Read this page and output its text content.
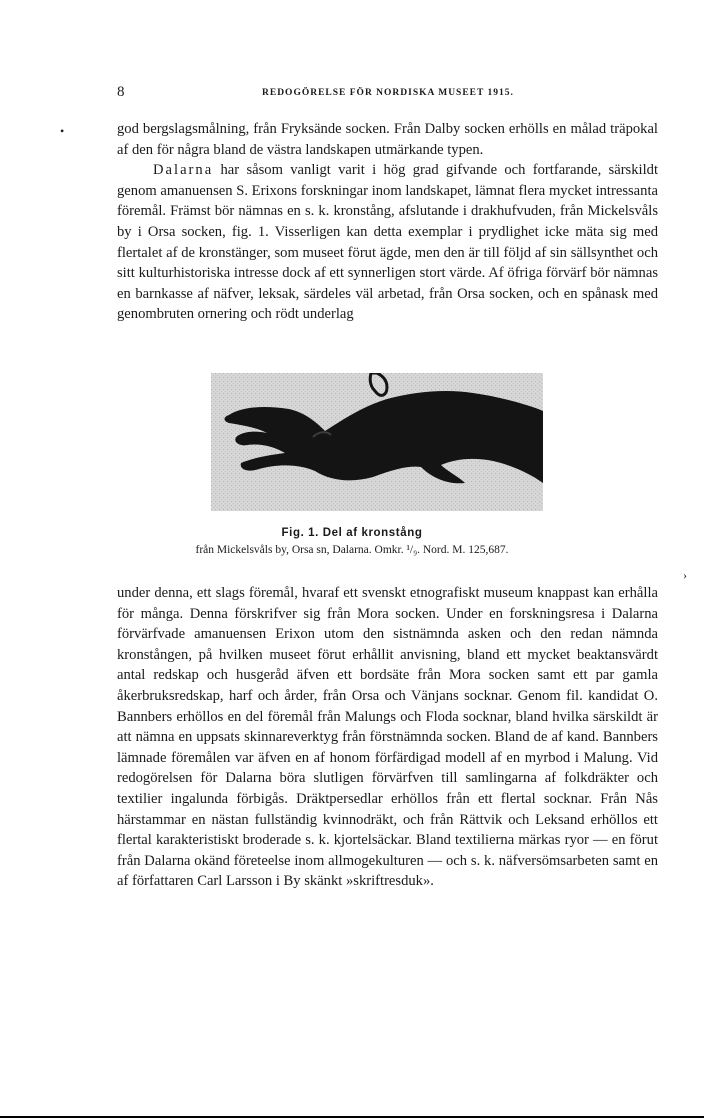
8	REDOGÖRELSE FÖR NORDISKA MUSEET 1915.
•
›

god bergslagsmålning, från Fryksände socken. Från Dalby socken erhölls en målad träpokal af den för några bland de västra landskapen utmärkande typen.

Dalarna har såsom vanligt varit i hög grad gifvande och fortfarande, särskildt genom amanuensen S. Erixons forskningar inom landskapet, lämnat flera mycket intressanta föremål. Främst bör nämnas en s. k. kronstång, afslutande i drakhufvuden, från Mickelsvåls by i Orsa socken, fig. 1. Visserligen kan detta exemplar i prydlighet icke mäta sig med flertalet af de kronstänger, som museet förut ägde, men den är till följd af sin sällsynthet och sitt kulturhistoriska intresse dock af ett synnerligen stort värde. Af öfriga förvärf bör nämnas en barnkasse af näfver, leksak, särdeles väl arbetad, från Orsa socken, och en spånask med genombruten ornering och rödt underlag

Fig. 1. Del af kronstång
från Mickelsvåls by, Orsa sn, Dalarna. Omkr. ¹/₉. Nord. M. 125,687.

under denna, ett slags föremål, hvaraf ett svenskt etnografiskt museum knappast kan erhålla för många. Denna förskrifver sig från Mora socken. Under en forskningsresa i Dalarna förvärfvade amanuensen Erixon utom den sistnämnda asken och den redan nämnda kronstången, på hvilken museet förut erhållit anvisning, bland ett mycket beaktansvärdt antal redskap och husgeråd äfven ett bordsäte från Mora socken samt ett par gamla åkerbruksredskap, harf och årder, från Orsa och Vänjans socknar. Genom fil. kandidat O. Bannbers erhöllos en del föremål från Malungs och Floda socknar, bland hvilka särskildt är att nämna en uppsats skinnareverktyg från förstnämnda socken. Bland de af kand. Bannbers lämnade föremålen var äfven en af honom förfärdigad modell af en myrbod i Malung. Vid redogörelsen för Dalarna böra slutligen förvärfven till samlingarna af folkdräkter och textilier ingalunda förbigås. Dräktpersedlar erhöllos från ett flertal socknar. Från Nås härstammar en nästan fullständig kvinnodräkt, och från Rättvik och Leksand erhöllos ett flertal karakteristiskt broderade s. k. kjortelsäckar. Bland textilierna märkas ryor — en förut från Dalarna okänd företeelse inom allmogekulturen — och s. k. näfversömsarbeten samt en af författaren Carl Larsson i By skänkt »skriftresduk».
